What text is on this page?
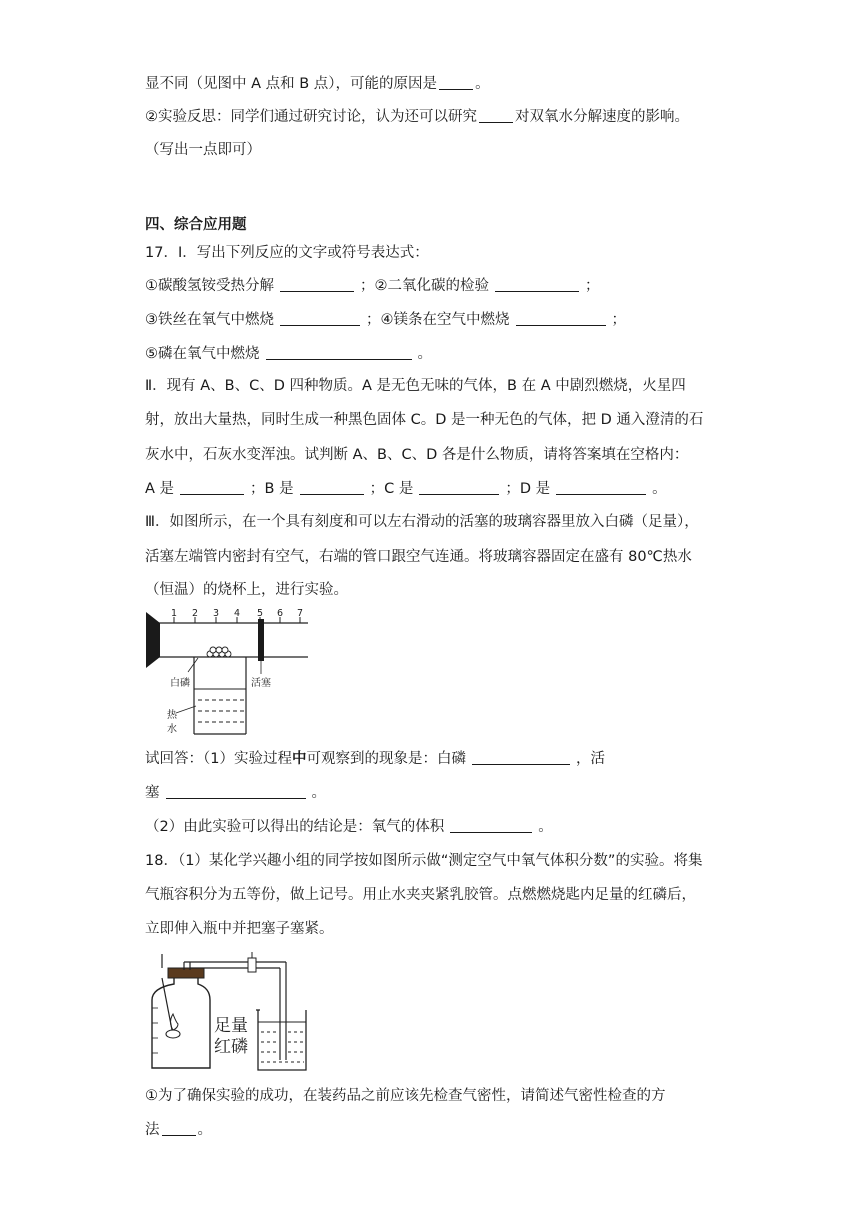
显不同（见图中 A 点和 B 点），可能的原因是	。
②实验反思：同学们通过研究讨论，认为还可以研究	对双氧水分解速度的影响。
（写出一点即可）
四、综合应用题
17．Ⅰ．写出下列反应的文字或符号表达式：
①碳酸氢铵受热分解	；②二氧化碳的检验	；
③铁丝在氧气中燃烧	；④镁条在空气中燃烧	；
⑤磷在氧气中燃烧	。
Ⅱ．现有 A、B、C、D 四种物质。A 是无色无味的气体，B 在 A 中剧烈燃烧，火星四
射，放出大量热，同时生成一种黑色固体 C。D 是一种无色的气体，把 D 通入澄清的石
灰水中，石灰水变浑浊。试判断 A、B、C、D 各是什么物质，请将答案填在空格内：
A 是	；B 是	；C 是	；D 是	。
Ⅲ．如图所示，在一个具有刻度和可以左右滑动的活塞的玻璃容器里放入白磷（足量），
活塞左端管内密封有空气，右端的管口跟空气连通。将玻璃容器固定在盛有 80℃热水
（恒温）的烧杯上，进行实验。
1 2 3 4 5 6 7
白磷	活塞
热
水
试回答：（1）实验过程中可观察到的现象是：白磷	，活
塞	。
（2）由此实验可以得出的结论是：氧气的体积	。
18．（1）某化学兴趣小组的同学按如图所示做“测定空气中氧气体积分数”的实验。将集
气瓶容积分为五等份，做上记号。用止水夹夹紧乳胶管。点燃燃烧匙内足量的红磷后，
立即伸入瓶中并把塞子塞紧。
足量
红磷
①为了确保实验的成功，在装药品之前应该先检查气密性，请简述气密性检查的方
法	。
